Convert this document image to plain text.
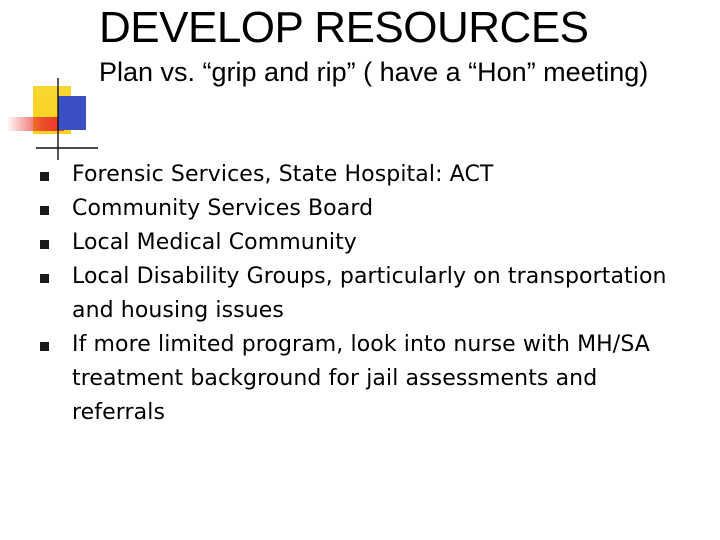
DEVELOP RESOURCES

Plan vs. “grip and rip” ( have a “Hon” meeting)

Forensic Services, State Hospital: ACT
Community Services Board
Local Medical Community
Local Disability Groups, particularly on transportation and housing issues
If more limited program, look into nurse with MH/SA treatment background for jail assessments and referrals
